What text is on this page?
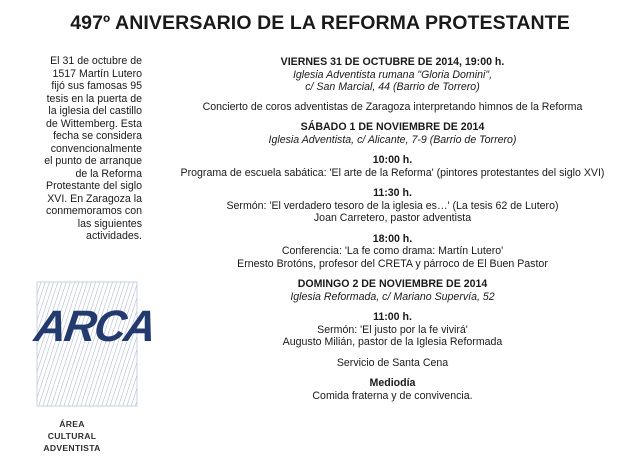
497º ANIVERSARIO DE LA REFORMA PROTESTANTE
El 31 de octubre de
1517 Martín Lutero
fijó sus famosas 95
tesis en la puerta de
la iglesia del castillo
de Wittemberg. Esta
fecha se considera
convencionalmente
el punto de arranque
de la Reforma
Protestante del siglo
XVI. En Zaragoza la
conmemoramos con
las siguientes
actividades.
ARCA
ÁREA CULTURAL
ADVENTISTA
VIERNES 31 DE OCTUBRE DE 2014, 19:00 h.
Iglesia Adventista rumana "Gloria Domini",
c/ San Marcial, 44 (Barrio de Torrero)
Concierto de coros adventistas de Zaragoza interpretando himnos de la Reforma
SÁBADO 1 DE NOVIEMBRE DE 2014
Iglesia Adventista, c/ Alicante, 7-9 (Barrio de Torrero)
10:00 h.
Programa de escuela sabática: 'El arte de la Reforma' (pintores protestantes del siglo XVI)
11:30 h.
Sermón: 'El verdadero tesoro de la iglesia es…' (La tesis 62 de Lutero)
Joan Carretero, pastor adventista
18:00 h.
Conferencia: 'La fe como drama: Martín Lutero'
Ernesto Brotóns, profesor del CRETA y párroco de El Buen Pastor
DOMINGO 2 DE NOVIEMBRE DE 2014
Iglesia Reformada, c/ Mariano Supervía, 52
11:00 h.
Sermón: 'El justo por la fe vivirá'
Augusto Milián, pastor de la Iglesia Reformada
Servicio de Santa Cena
Mediodía
Comida fraterna y de convivencia.
